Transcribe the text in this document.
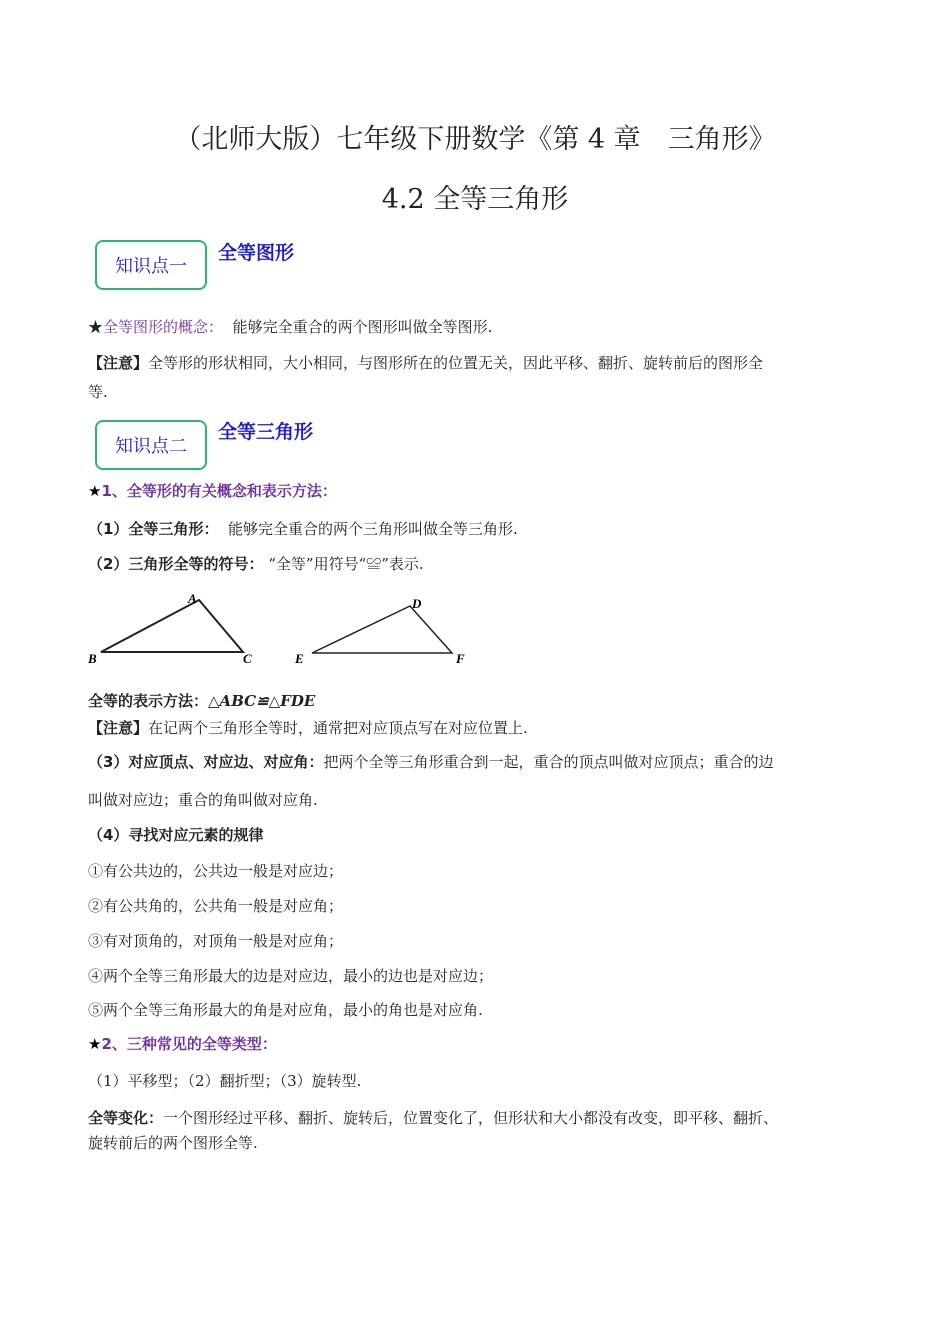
（北师大版）七年级下册数学《第 4 章　三角形》
4.2 全等三角形
知识点一
全等图形
★全等图形的概念： 能够完全重合的两个图形叫做全等图形.
【注意】全等形的形状相同，大小相同，与图形所在的位置无关，因此平移、翻折、旋转前后的图形全
等.
知识点二
全等三角形
★1、全等形的有关概念和表示方法：
（1）全等三角形： 能够完全重合的两个三角形叫做全等三角形.
（2）三角形全等的符号： “全等”用符号“≌”表示.
A
B	C
D
E	F
全等的表示方法：△ABC≌△FDE
【注意】在记两个三角形全等时，通常把对应顶点写在对应位置上.
（3）对应顶点、对应边、对应角：把两个全等三角形重合到一起，重合的顶点叫做对应顶点；重合的边
叫做对应边；重合的角叫做对应角.
（4）寻找对应元素的规律
①有公共边的，公共边一般是对应边；
②有公共角的，公共角一般是对应角；
③有对顶角的，对顶角一般是对应角；
④两个全等三角形最大的边是对应边，最小的边也是对应边；
⑤两个全等三角形最大的角是对应角，最小的角也是对应角.
★2、三种常见的全等类型：
（1）平移型；（2）翻折型；（3）旋转型.
全等变化：一个图形经过平移、翻折、旋转后，位置变化了，但形状和大小都没有改变，即平移、翻折、
旋转前后的两个图形全等.
